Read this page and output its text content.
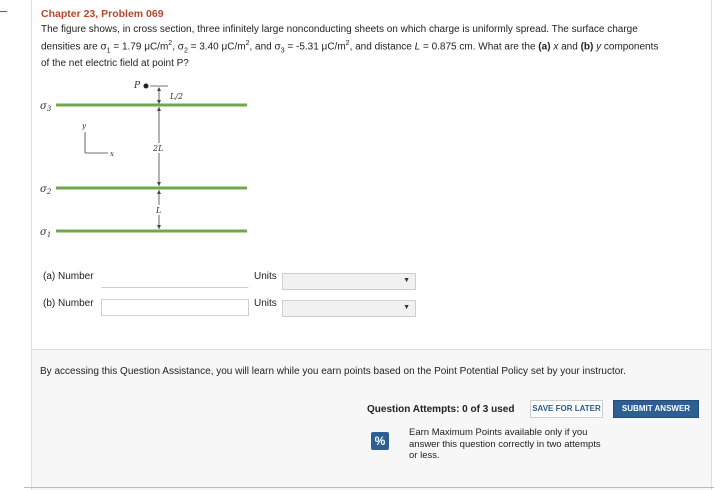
Chapter 23, Problem 069
The figure shows, in cross section, three infinitely large nonconducting sheets on which charge is uniformly spread. The surface charge
densities are $\sigma_1 = 1.79$ $\mu C/m^2$, $\sigma_2 = 3.40$ $\mu C/m^2$, and $\sigma_3 = -5.31$ $\mu C/m^2$, and distance L = 0.875 cm. What are the (a) x and (b) y components
of the net electric field at point P?
$\sigma_3$
$\sigma_2$
$\sigma_1$
P
L/2
2L
L
y
x
(a) Number	Units	▼
(b) Number	Units	▼
By accessing this Question Assistance, you will learn while you earn points based on the Point Potential Policy set by your instructor.
Question Attempts: 0 of 3 used SAVE FOR LATER	SUBMIT ANSWER
%
Earn Maximum Points available only if you answer this question correctly in two attempts or less.
